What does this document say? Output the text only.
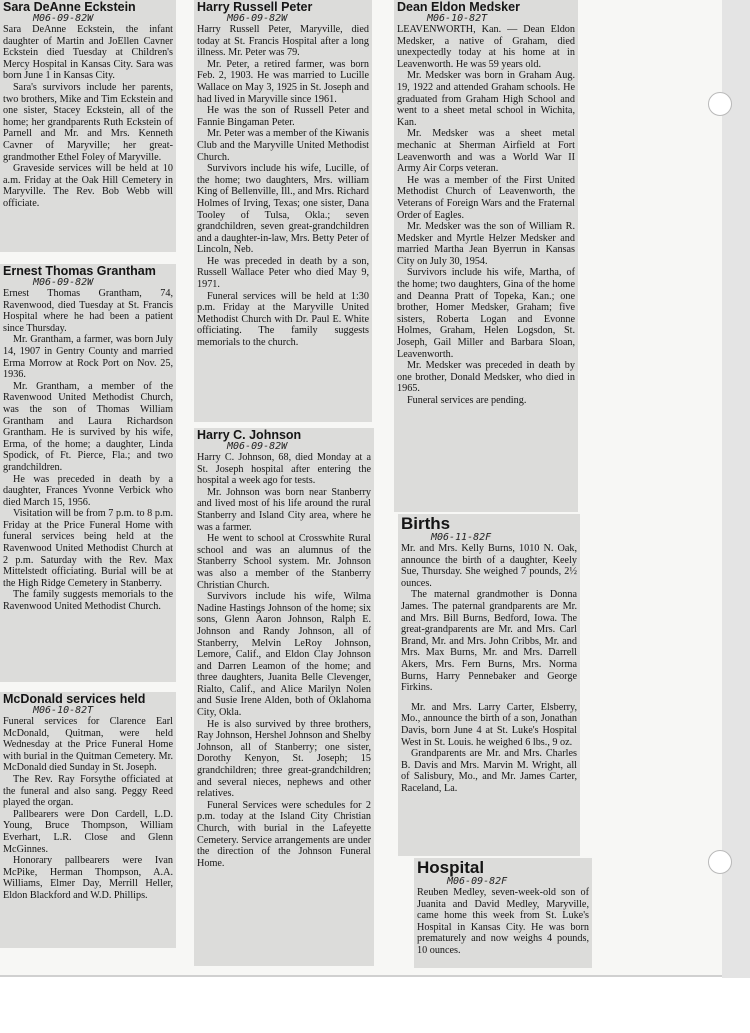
Sara DeAnne Eckstein
M06-09-82W

Sara DeAnne Eckstein, the infant daughter of Martin and JoEllen Cavner Eckstein died Tuesday at Children's Mercy Hospital in Kansas City. Sara was born June 1 in Kansas City.

Sara's survivors include her parents, two brothers, Mike and Tim Eckstein and one sister, Stacey Eckstein, all of the home; her grandparents Ruth Eckstein of Parnell and Mr. and Mrs. Kenneth Cavner of Maryville; her great-grandmother Ethel Foley of Maryville.

Graveside services will be held at 10 a.m. Friday at the Oak Hill Cemetery in Maryville. The Rev. Bob Webb will officiate.

Ernest Thomas Grantham
M06-09-82W

Ernest Thomas Grantham, 74, Ravenwood, died Tuesday at St. Francis Hospital where he had been a patient since Thursday.

Mr. Grantham, a farmer, was born July 14, 1907 in Gentry County and married Erma Morrow at Rock Port on Nov. 25, 1936.

Mr. Grantham, a member of the Ravenwood United Methodist Church, was the son of Thomas William Grantham and Laura Richardson Grantham. He is survived by his wife, Erma, of the home; a daughter, Linda Spodick, of Ft. Pierce, Fla.; and two grandchildren.

He was preceded in death by a daughter, Frances Yvonne Verbick who died March 15, 1956.

Visitation will be from 7 p.m. to 8 p.m. Friday at the Price Funeral Home with funeral services being held at the Ravenwood United Methodist Church at 2 p.m. Saturday with the Rev. Max Mittelstedt officiating. Burial will be at the High Ridge Cemetery in Stanberry.

The family suggests memorials to the Ravenwood United Methodist Church.

McDonald services held
M06-10-82T

Funeral services for Clarence Earl McDonald, Quitman, were held Wednesday at the Price Funeral Home with burial in the Quitman Cemetery. Mr. McDonald died Sunday in St. Joseph.

The Rev. Ray Forsythe officiated at the funeral and also sang. Peggy Reed played the organ.

Pallbearers were Don Cardell, L.D. Young, Bruce Thompson, William Everhart, L.R. Close and Glenn McGinnes.

Honorary pallbearers were Ivan McPike, Herman Thompson, A.A. Williams, Elmer Day, Merrill Heller, Eldon Blackford and W.D. Phillips.

Harry Russell Peter
M06-09-82W

Harry Russell Peter, Maryville, died today at St. Francis Hospital after a long illness. Mr. Peter was 79.

Mr. Peter, a retired farmer, was born Feb. 2, 1903. He was married to Lucille Wallace on May 3, 1925 in St. Joseph and had lived in Maryville since 1961.

He was the son of Russell Peter and Fannie Bingaman Peter.

Mr. Peter was a member of the Kiwanis Club and the Maryville United Methodist Church.

Survivors include his wife, Lucille, of the home; two daughters, Mrs. william King of Bellenville, Ill., and Mrs. Richard Holmes of Irving, Texas; one sister, Dana Tooley of Tulsa, Okla.; seven grandchildren, seven great-grandchildren and a daughter-in-law, Mrs. Betty Peter of Lincoln, Neb.

He was preceded in death by a son, Russell Wallace Peter who died May 9, 1971.

Funeral services will be held at 1:30 p.m. Friday at the Maryville United Methodist Church with Dr. Paul E. White officiating. The family suggests memorials to the church.

Harry C. Johnson
M06-09-82W

Harry C. Johnson, 68, died Monday at a St. Joseph hospital after entering the hospital a week ago for tests.

Mr. Johnson was born near Stanberry and lived most of his life around the rural Stanberry and Island City area, where he was a farmer.

He went to school at Crosswhite Rural school and was an alumnus of the Stanberry School system. Mr. Johnson was also a member of the Stanberry Christian Church.

Survivors include his wife, Wilma Nadine Hastings Johnson of the home; six sons, Glenn Aaron Johnson, Ralph E. Johnson and Randy Johnson, all of Stanberry, Melvin LeRoy Johnson, Lemore, Calif., and Eldon Clay Johnson and Darren Leamon of the home; and three daughters, Juanita Belle Clevenger, Rialto, Calif., and Alice Marilyn Nolen and Susie Irene Alden, both of Oklahoma City, Okla.

He is also survived by three brothers, Ray Johnson, Hershel Johnson and Shelby Johnson, all of Stanberry; one sister, Dorothy Kenyon, St. Joseph; 15 grandchildren; three great-grandchildren; and several nieces, nephews and other relatives.

Funeral Services were schedules for 2 p.m. today at the Island City Christian Church, with burial in the Lafeyette Cemetery. Service arrangements are under the direction of the Johnson Funeral Home.

Dean Eldon Medsker
M06-10-82T

LEAVENWORTH, Kan. — Dean Eldon Medsker, a native of Graham, died unexpectedly today at his home at in Leavenworth. He was 59 years old.

Mr. Medsker was born in Graham Aug. 19, 1922 and attended Graham schools. He graduated from Graham High School and went to a sheet metal school in Wichita, Kan.

Mr. Medsker was a sheet metal mechanic at Sherman Airfield at Fort Leavenworth and was a World War II Army Air Corps veteran.

He was a member of the First United Methodist Church of Leavenworth, the Veterans of Foreign Wars and the Fraternal Order of Eagles.

Mr. Medsker was the son of William R. Medsker and Myrtle Helzer Medsker and married Martha Jean Byerrun in Kansas City on July 30, 1954.

Survivors include his wife, Martha, of the home; two daughters, Gina of the home and Deanna Pratt of Topeka, Kan.; one brother, Homer Medsker, Graham; five sisters, Roberta Logan and Evonne Holmes, Graham, Helen Logsdon, St. Joseph, Gail Miller and Barbara Sloan, Leavenworth.

Mr. Medsker was preceded in death by one brother, Donald Medsker, who died in 1965.

Funeral services are pending.

Births
M06-11-82F

Mr. and Mrs. Kelly Burns, 1010 N. Oak, announce the birth of a daughter, Keely Sue, Thursday. She weighed 7 pounds, 2½ ounces.

The maternal grandmother is Donna James. The paternal grandparents are Mr. and Mrs. Bill Burns, Bedford, Iowa. The great-grandparents are Mr. and Mrs. Carl Brand, Mr. and Mrs. John Cribbs, Mr. and Mrs. Max Burns, Mr. and Mrs. Darrell Akers, Mrs. Fern Burns, Mrs. Norma Burns, Harry Pennebaker and George Firkins.

Mr. and Mrs. Larry Carter, Elsberry, Mo., announce the birth of a son, Jonathan Davis, born June 4 at St. Luke's Hospital West in St. Louis. he weighed 6 lbs., 9 oz.

Grandparents are Mr. and Mrs. Charles B. Davis and Mrs. Marvin M. Wright, all of Salisbury, Mo., and Mr. James Carter, Raceland, La.

Hospital
M06-09-82F

Reuben Medley, seven-week-old son of Juanita and David Medley, Maryville, came home this week from St. Luke's Hospital in Kansas City. He was born prematurely and now weighs 4 pounds, 10 ounces.
